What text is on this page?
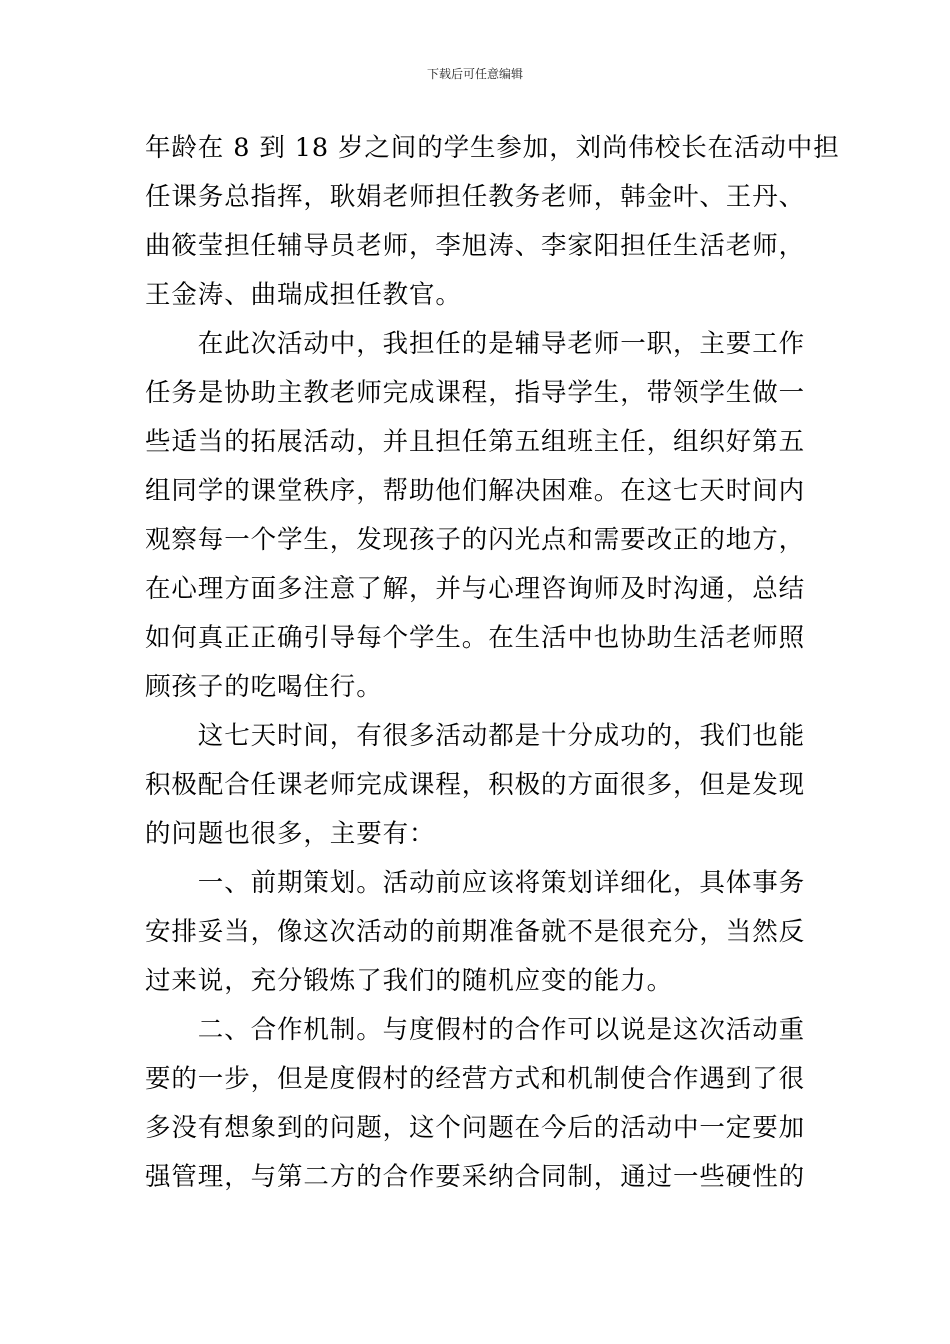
下载后可任意编辑
年龄在 8 到 18 岁之间的学生参加，刘尚伟校长在活动中担
任课务总指挥，耿娟老师担任教务老师，韩金叶、王丹、
曲筱莹担任辅导员老师，李旭涛、李家阳担任生活老师，
王金涛、曲瑞成担任教官。
　　在此次活动中，我担任的是辅导老师一职，主要工作
任务是协助主教老师完成课程，指导学生，带领学生做一
些适当的拓展活动，并且担任第五组班主任，组织好第五
组同学的课堂秩序，帮助他们解决困难。在这七天时间内
观察每一个学生，发现孩子的闪光点和需要改正的地方，
在心理方面多注意了解，并与心理咨询师及时沟通，总结
如何真正正确引导每个学生。在生活中也协助生活老师照
顾孩子的吃喝住行。
　　这七天时间，有很多活动都是十分成功的，我们也能
积极配合任课老师完成课程，积极的方面很多，但是发现
的问题也很多，主要有：
　　一、前期策划。活动前应该将策划详细化，具体事务
安排妥当，像这次活动的前期准备就不是很充分，当然反
过来说，充分锻炼了我们的随机应变的能力。
　　二、合作机制。与度假村的合作可以说是这次活动重
要的一步，但是度假村的经营方式和机制使合作遇到了很
多没有想象到的问题，这个问题在今后的活动中一定要加
强管理，与第二方的合作要采纳合同制，通过一些硬性的
